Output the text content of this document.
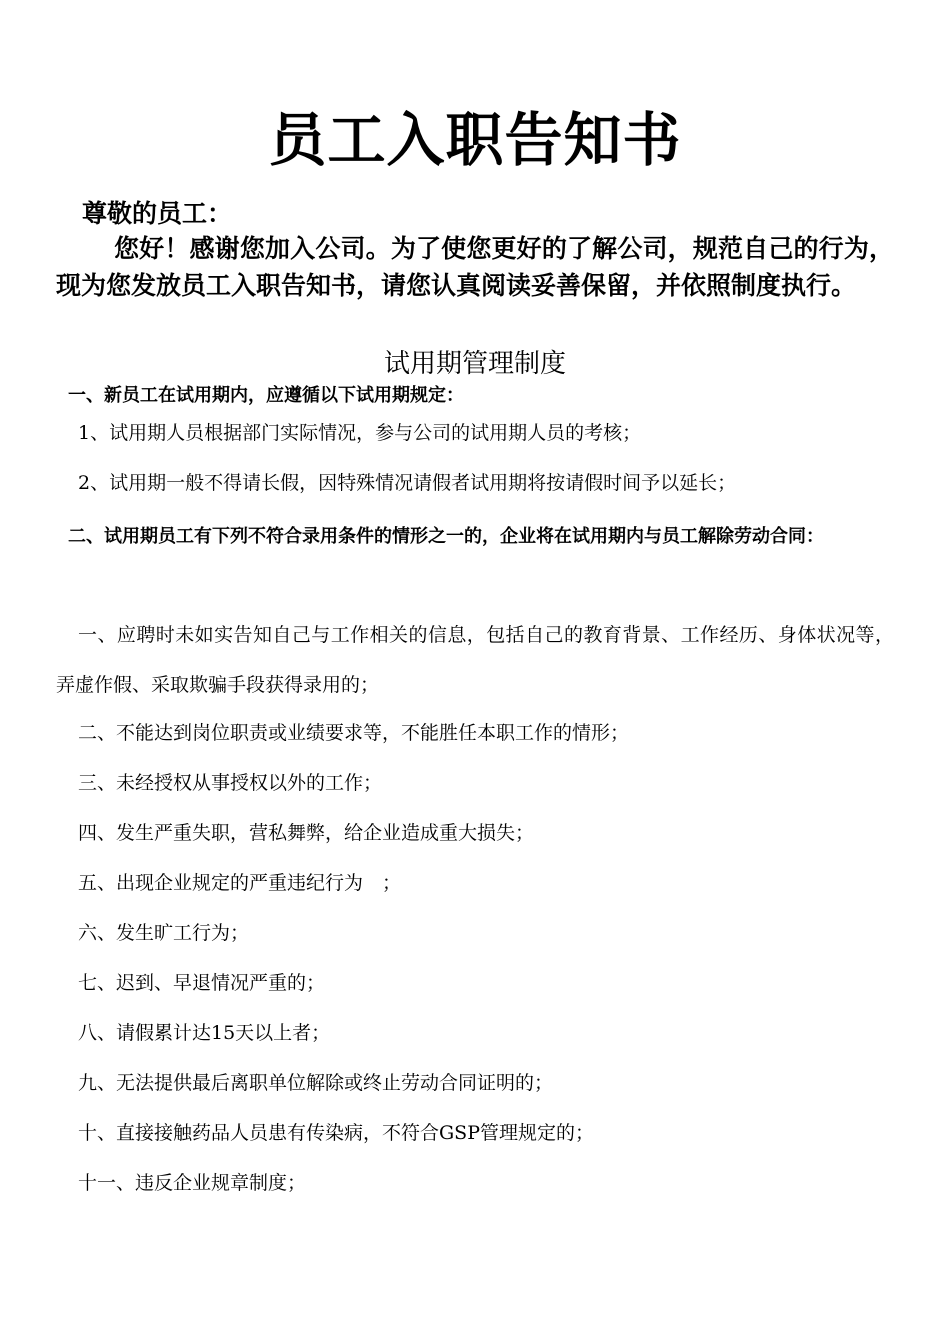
员工入职告知书
尊敬的员工：
您好！感谢您加入公司。为了使您更好的了解公司，规范自己的行为，现为您发放员工入职告知书，请您认真阅读妥善保留，并依照制度执行。
试用期管理制度
一、新员工在试用期内，应遵循以下试用期规定：
1、试用期人员根据部门实际情况，参与公司的试用期人员的考核；
2、试用期一般不得请长假，因特殊情况请假者试用期将按请假时间予以延长；
二、试用期员工有下列不符合录用条件的情形之一的，企业将在试用期内与员工解除劳动合同：
一、应聘时未如实告知自己与工作相关的信息，包括自己的教育背景、工作经历、身体状况等，弄虚作假、采取欺骗手段获得录用的；
二、不能达到岗位职责或业绩要求等，不能胜任本职工作的情形；
三、未经授权从事授权以外的工作；
四、发生严重失职，营私舞弊，给企业造成重大损失；
五、出现企业规定的严重违纪行为　；
六、发生旷工行为；
七、迟到、早退情况严重的；
八、请假累计达15天以上者；
九、无法提供最后离职单位解除或终止劳动合同证明的；
十、直接接触药品人员患有传染病，不符合GSP管理规定的；
十一、违反企业规章制度；
